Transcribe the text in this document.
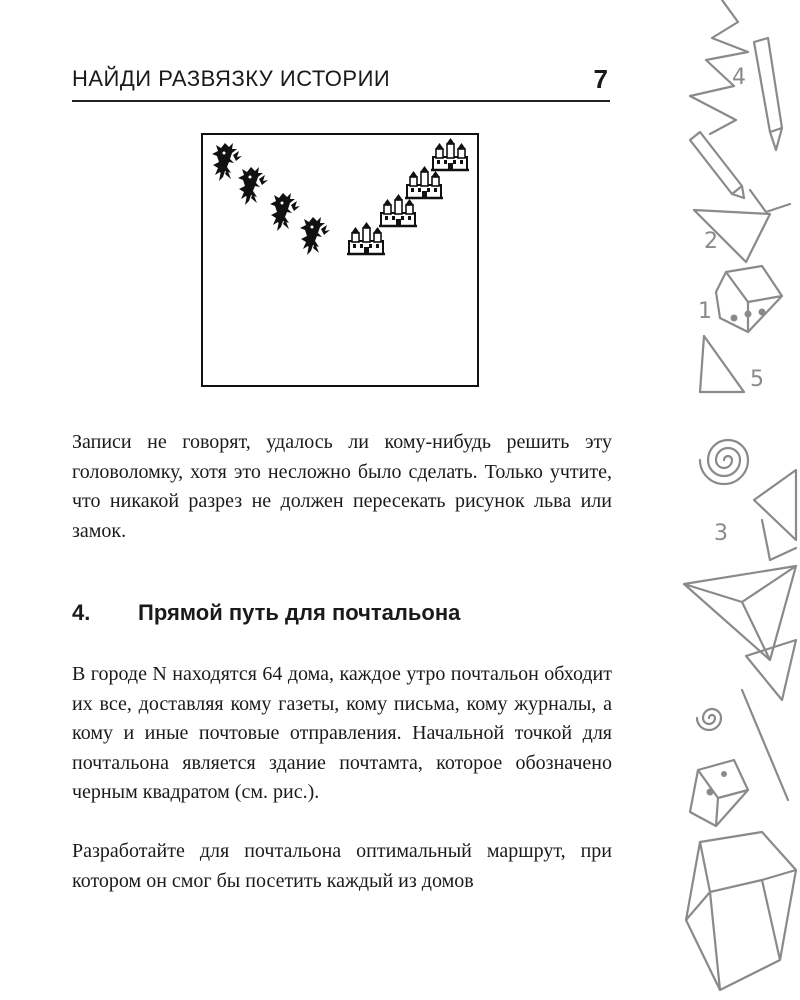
НАЙДИ РАЗВЯЗКУ ИСТОРИИ	7

Записи не говорят, удалось ли кому-нибудь решить эту головоломку, хотя это несложно было сделать. Только учтите, что никакой разрез не должен пересекать рисунок льва или замок.

4. Прямой путь для почтальона

В городе N находятся 64 дома, каждое утро почтальон обходит их все, доставляя кому газеты, кому письма, кому журналы, а кому и иные почтовые отправления. Начальной точкой для почтальона является здание почтамта, которое обозначено черным квадратом (см. рис.).

Разработайте для почтальона оптимальный маршрут, при котором он смог бы посетить каждый из домов

4
2
1
5
3
